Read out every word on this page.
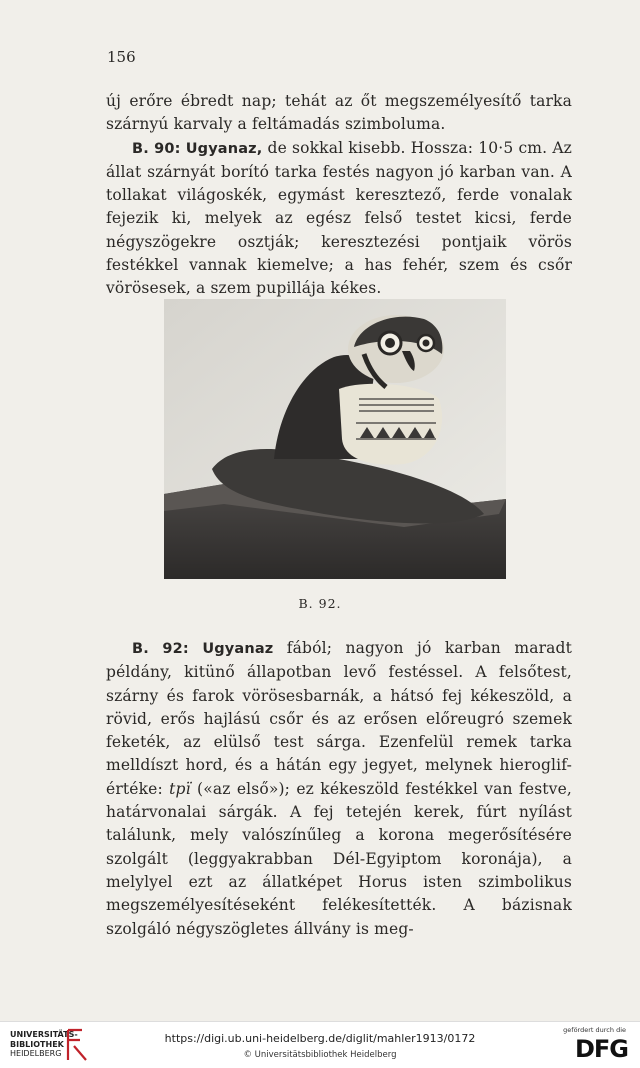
156

új erőre ébredt nap; tehát az őt megszemélyesítő tarka szárnyú karvaly a feltámadás szimboluma.

B. 90: Ugyanaz, de sokkal kisebb. Hossza: 10·5 cm. Az állat szárnyát borító tarka festés nagyon jó karban van. A tollakat világoskék, egymást keresztező, ferde vonalak fejezik ki, melyek az egész felső testet kicsi, ferde négyszögekre osztják; keresztezési pontjaik vörös festékkel vannak kiemelve; a has fehér, szem és csőr vörösesek, a szem pupillája kékes.

B. 92.

B. 92: Ugyanaz fából; nagyon jó karban maradt példány, kitünő állapotban levő festéssel. A felsőtest, szárny és farok vörösesbarnák, a hátsó fej kékeszöld, a rövid, erős hajlású csőr és az erősen előreugró szemek feketék, az elülső test sárga. Ezenfelül remek tarka melldíszt hord, és a hátán egy jegyet, melynek hieroglif-értéke: tpï («az első»); ez kékeszöld festékkel van festve, határvonalai sárgák. A fej tetején kerek, fúrt nyílást találunk, mely valószínűleg a korona megerősítésére szolgált (leggyakrabban Dél-Egyiptom koronája), a melylyel ezt az állatképet Horus isten szimbolikus megszemélyesítéseként felékesítették. A bázisnak szolgáló négyszögletes állvány is meg-

UNIVERSITÄTS-
BIBLIOTHEK
HEIDELBERG
https://digi.ub.uni-heidelberg.de/diglit/mahler1913/0172
© Universitätsbibliothek Heidelberg
gefördert durch die
DFG
